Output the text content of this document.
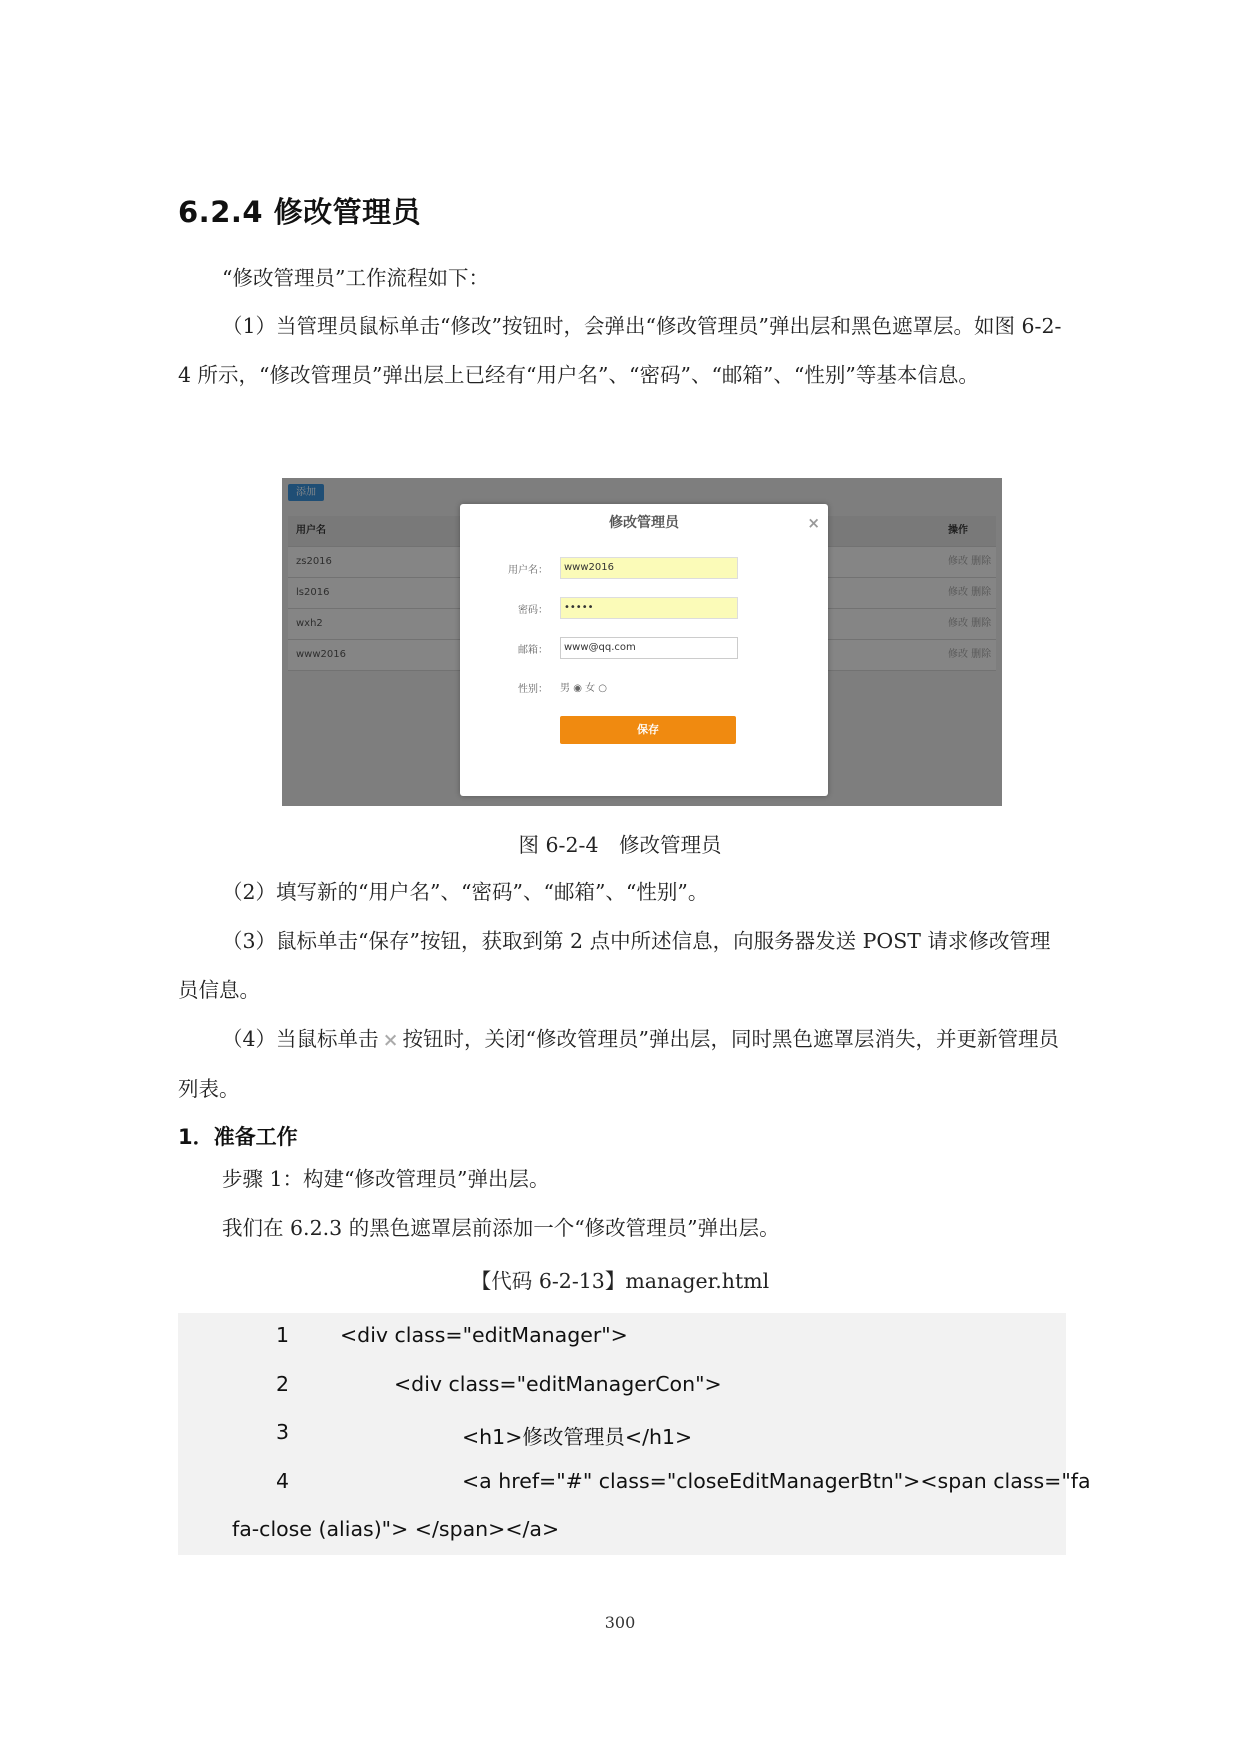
6.2.4 修改管理员
“修改管理员”工作流程如下：
（1）当管理员鼠标单击“修改”按钮时，会弹出“修改管理员”弹出层和黑色遮罩层。如图 6-2-4 所示，“修改管理员”弹出层上已经有“用户名”、“密码”、“邮箱”、“性别”等基本信息。
添加
用户名	操作
zs2016	修改 删除
ls2016	修改 删除
wxh2	修改 删除
www2016	修改 删除
修改管理员	×
用户名：	www2016
密码：	•••••
邮箱：	www@qq.com
性别： 男 ◉ 女 ○
保存
图 6-2-4　修改管理员
（2）填写新的“用户名”、“密码”、“邮箱”、“性别”。
（3）鼠标单击“保存”按钮，获取到第 2 点中所述信息，向服务器发送 POST 请求修改管理员信息。
（4）当鼠标单击 × 按钮时，关闭“修改管理员”弹出层，同时黑色遮罩层消失，并更新管理员列表。
1．准备工作
步骤 1：构建“修改管理员”弹出层。
我们在 6.2.3 的黑色遮罩层前添加一个“修改管理员”弹出层。
【代码 6-2-13】manager.html
1 <div class="editManager">
2	<div class="editManagerCon">
3	<h1>修改管理员</h1>
4	<a href="#" class="closeEditManagerBtn"><span class="fa
fa-close (alias)"> </span></a>
300
